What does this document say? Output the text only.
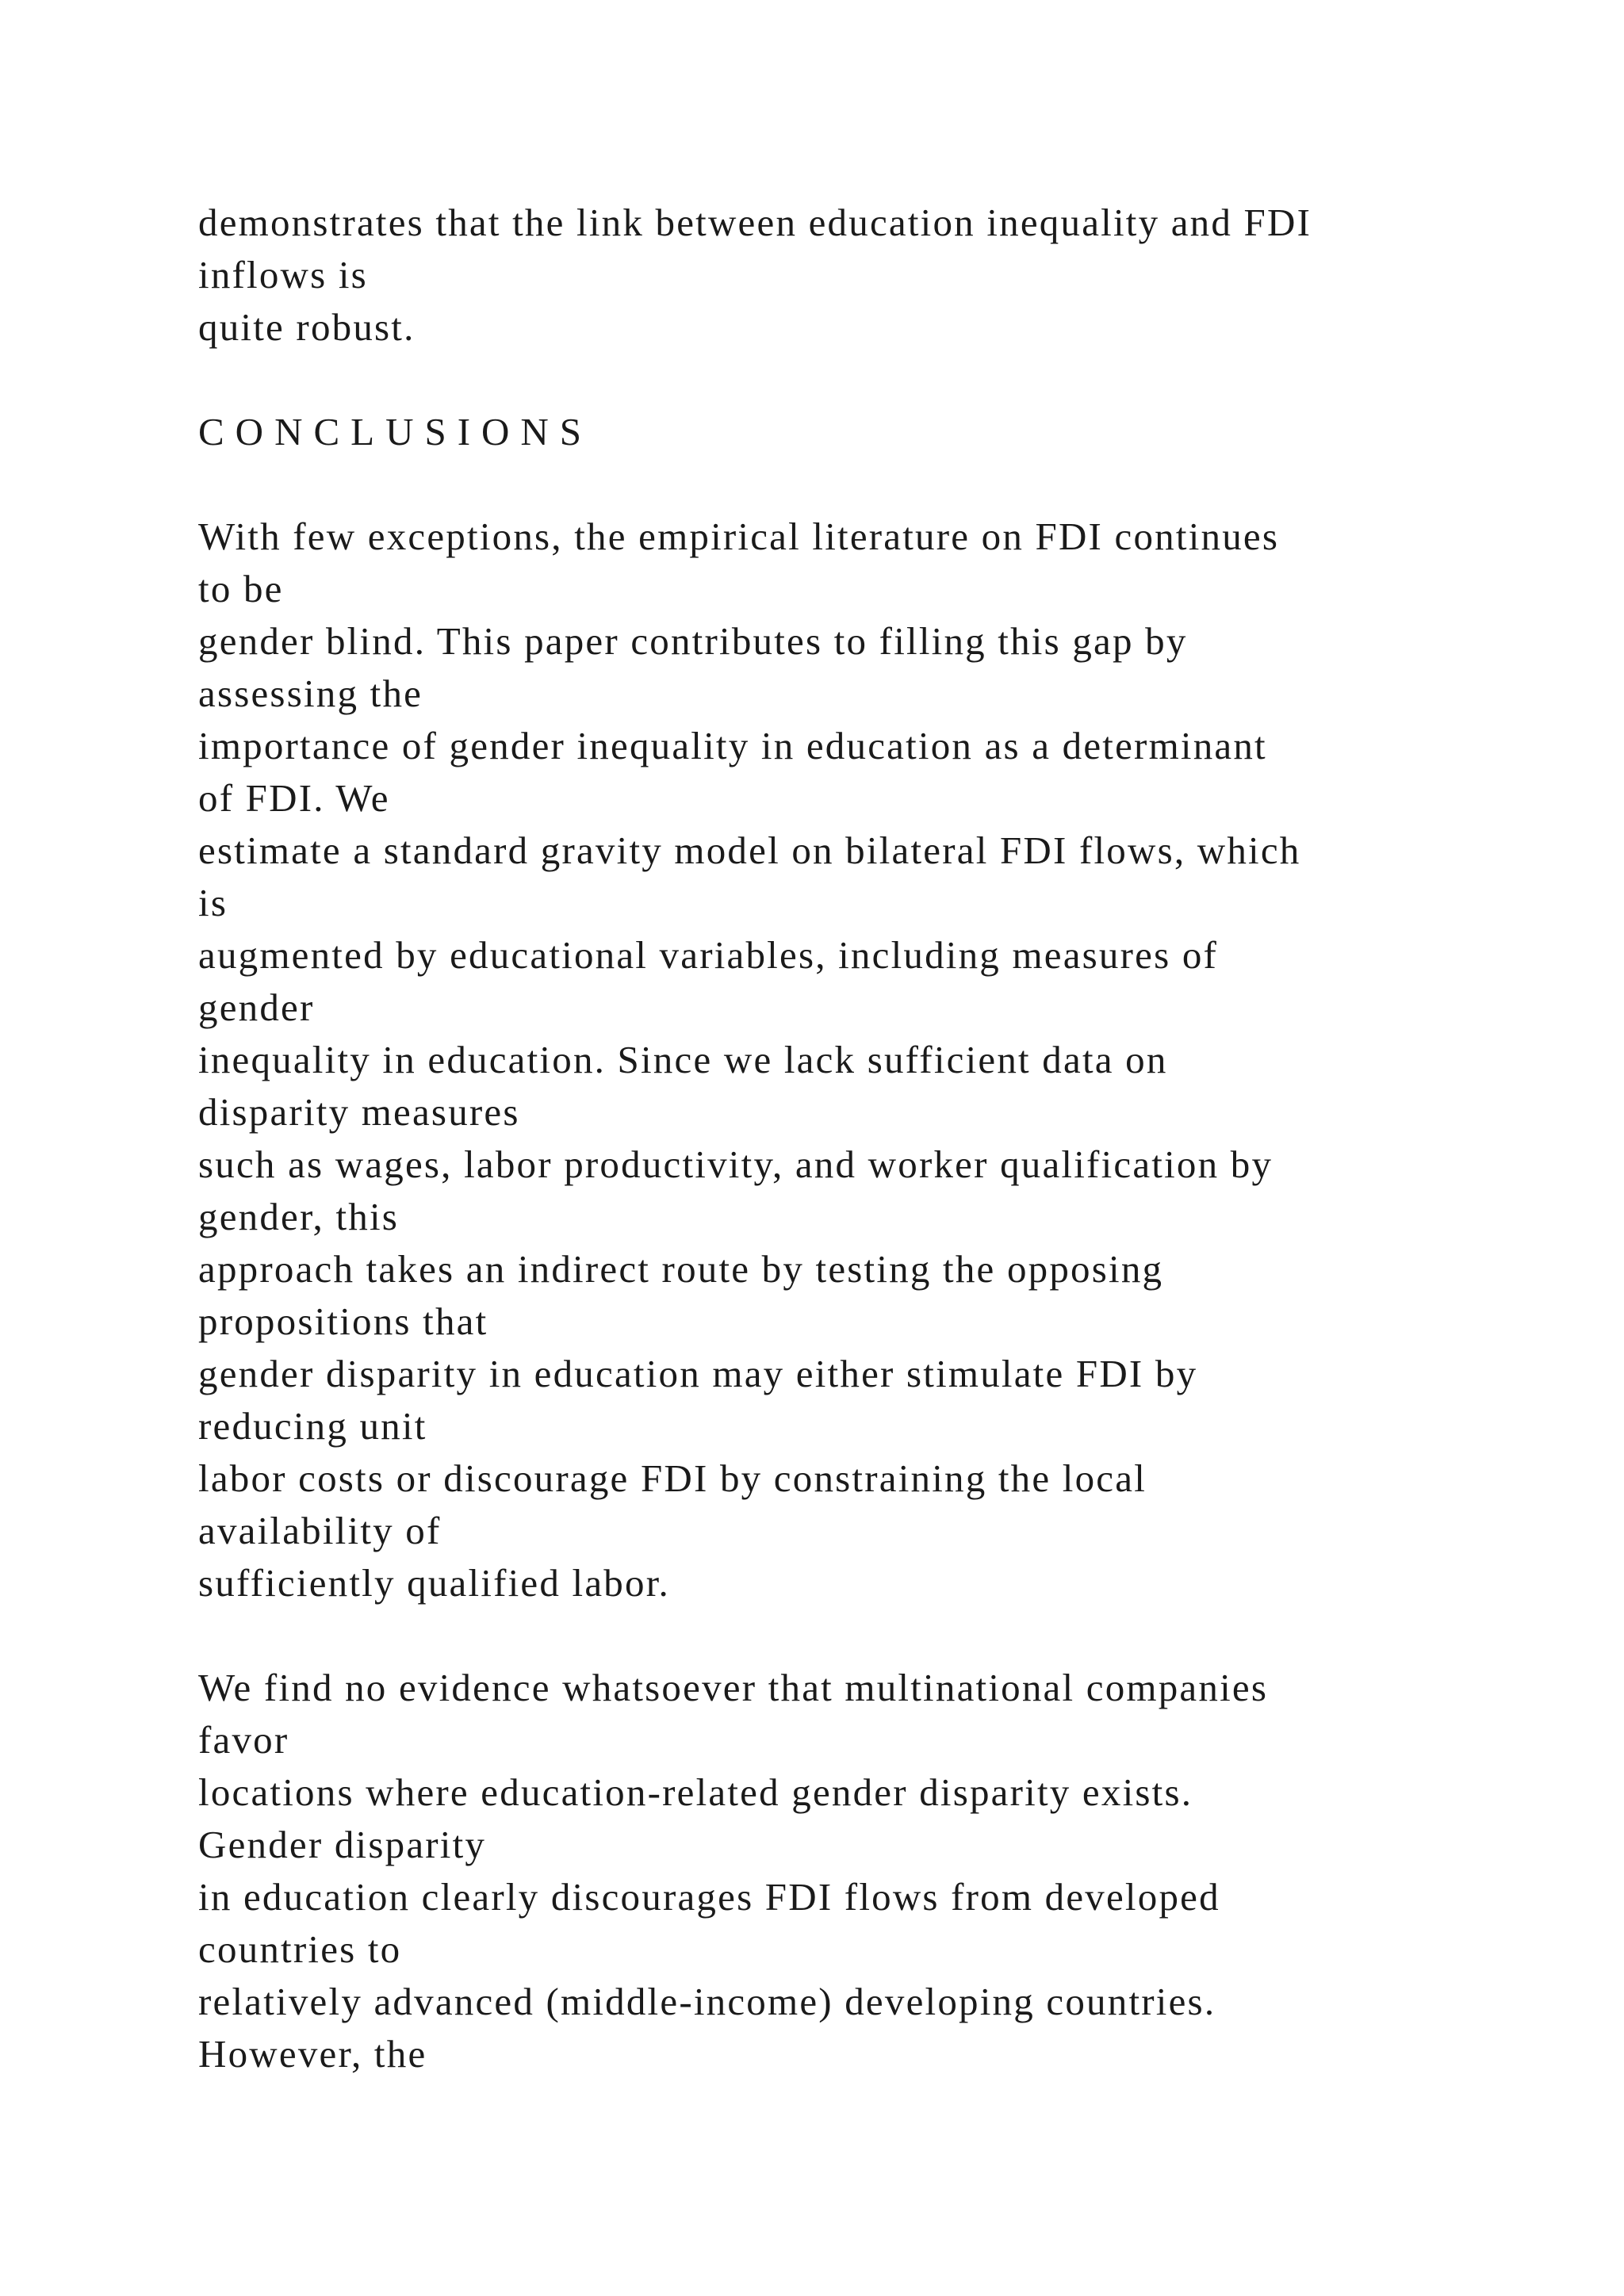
demonstrates that the link between education inequality and FDI
inflows is
quite robust.
CONCLUSIONS
With few exceptions, the empirical literature on FDI continues
to be
gender blind. This paper contributes to filling this gap by
assessing the
importance of gender inequality in education as a determinant
of FDI. We
estimate a standard gravity model on bilateral FDI flows, which
is
augmented by educational variables, including measures of
gender
inequality in education. Since we lack sufficient data on
disparity measures
such as wages, labor productivity, and worker qualification by
gender, this
approach takes an indirect route by testing the opposing
propositions that
gender disparity in education may either stimulate FDI by
reducing unit
labor costs or discourage FDI by constraining the local
availability of
sufficiently qualified labor.
We find no evidence whatsoever that multinational companies
favor
locations where education-related gender disparity exists.
Gender disparity
in education clearly discourages FDI flows from developed
countries to
relatively advanced (middle-income) developing countries.
However, the
